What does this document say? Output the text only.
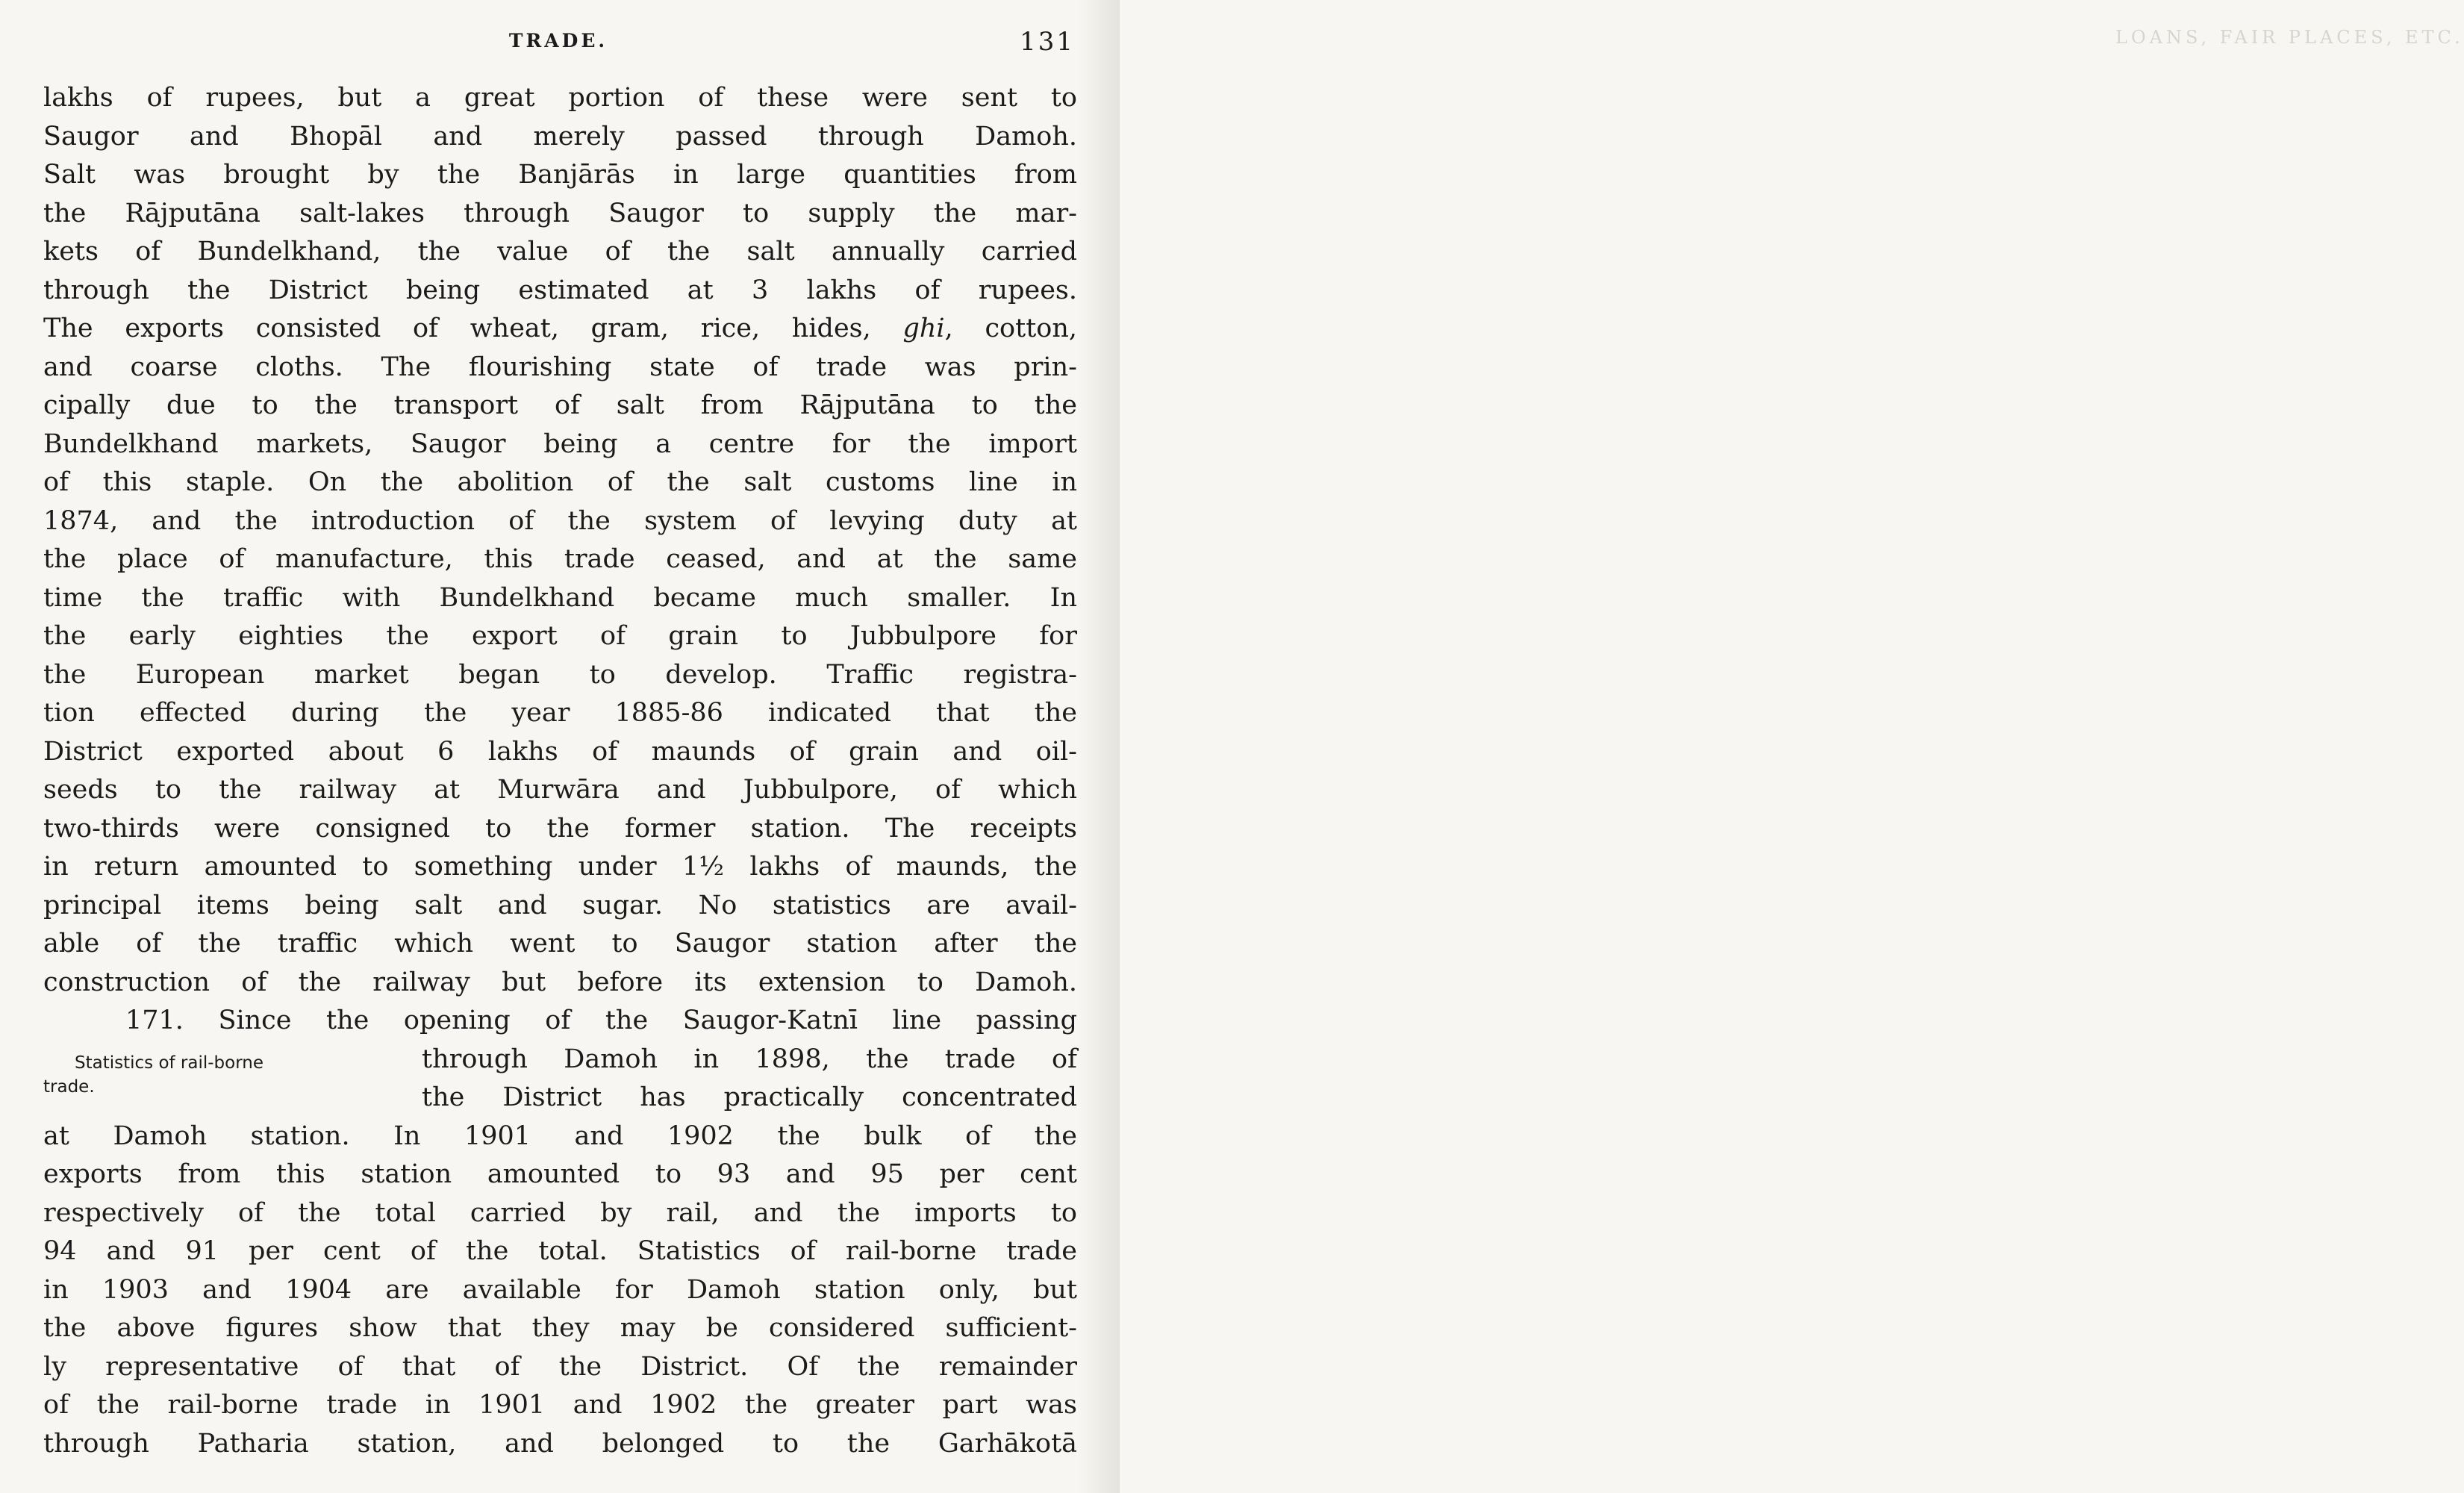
LOANS, FAIR PLACES, ETC.
TRADE.	131
lakhs of rupees, but a great portion of these were sent to
Saugor and Bhopāl and merely passed through Damoh.
Salt was brought by the Banjārās in large quantities from
the Rājputāna salt-lakes through Saugor to supply the mar-
kets of Bundelkhand, the value of the salt annually carried
through the District being estimated at 3 lakhs of rupees.
The exports consisted of wheat, gram, rice, hides, ghi, cotton,
and coarse cloths. The flourishing state of trade was prin-
cipally due to the transport of salt from Rājputāna to the
Bundelkhand markets, Saugor being a centre for the import
of this staple. On the abolition of the salt customs line in
1874, and the introduction of the system of levying duty at
the place of manufacture, this trade ceased, and at the same
time the traffic with Bundelkhand became much smaller. In
the early eighties the export of grain to Jubbulpore for
the European market began to develop. Traffic registra-
tion effected during the year 1885-86 indicated that the
District exported about 6 lakhs of maunds of grain and oil-
seeds to the railway at Murwāra and Jubbulpore, of which
two-thirds were consigned to the former station. The receipts
in return amounted to something under 1½ lakhs of maunds, the
principal items being salt and sugar. No statistics are avail-
able of the traffic which went to Saugor station after the
construction of the railway but before its extension to Damoh.
171. Since the opening of the Saugor-Katnī line passing
Statistics of rail-borne
trade.
through Damoh in 1898, the trade of
the District has practically concentrated
at Damoh station. In 1901 and 1902 the bulk of the
exports from this station amounted to 93 and 95 per cent
respectively of the total carried by rail, and the imports to
94 and 91 per cent of the total. Statistics of rail-borne trade
in 1903 and 1904 are available for Damoh station only, but
the above figures show that they may be considered sufficient-
ly representative of that of the District. Of the remainder
of the rail-borne trade in 1901 and 1902 the greater part was
through Patharia station, and belonged to the Garhākotā
